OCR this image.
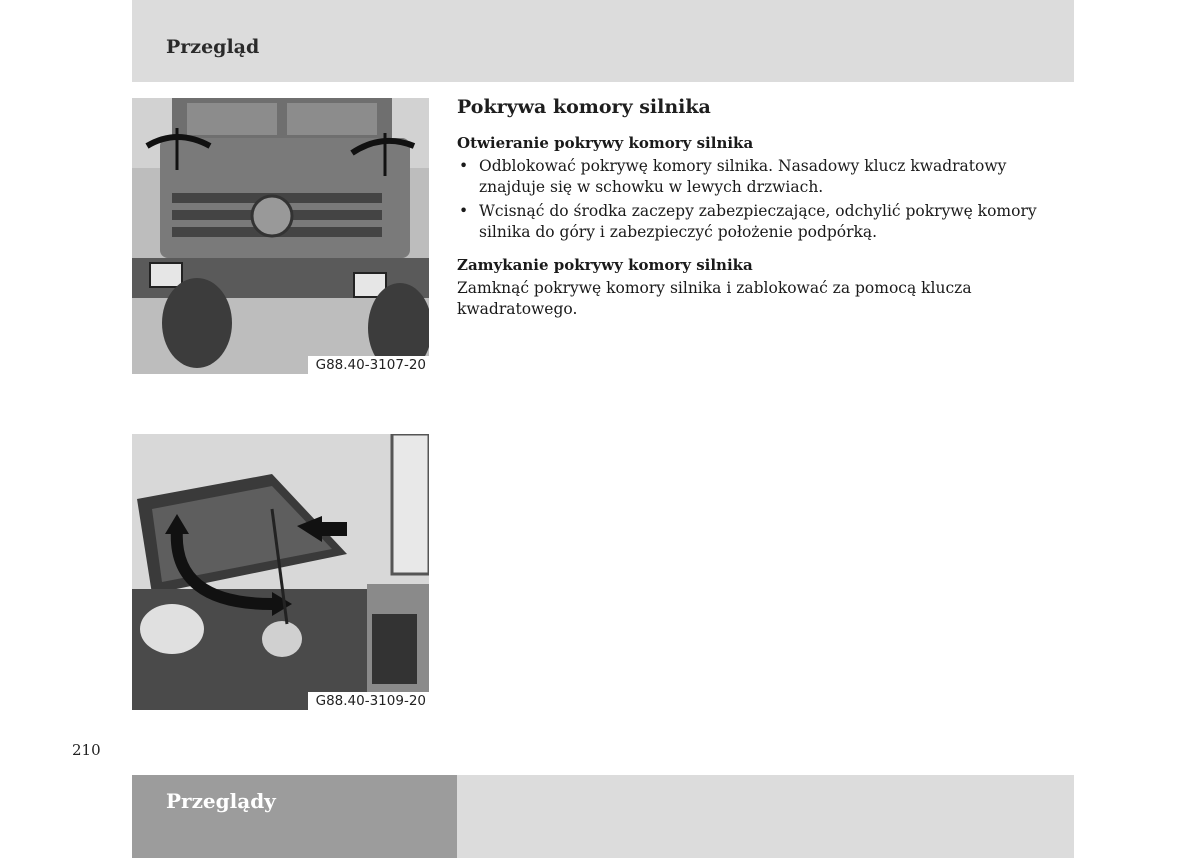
Przegląd
G88.40-3107-20
G88.40-3109-20
Pokrywa komory silnika
Otwieranie pokrywy komory silnika
• Odblokować pokrywę komory silnika. Nasadowy klucz kwadratowy znajduje się w schowku w lewych drzwiach.
• Wcisnąć do środka zaczepy zabezpieczające, odchylić pokrywę komory silnika do góry i zabezpieczyć położenie podpórką.
Zamykanie pokrywy komory silnika

Zamknąć pokrywę komory silnika i zablokować za pomocą klucza kwadratowego.

210
Przeglądy
